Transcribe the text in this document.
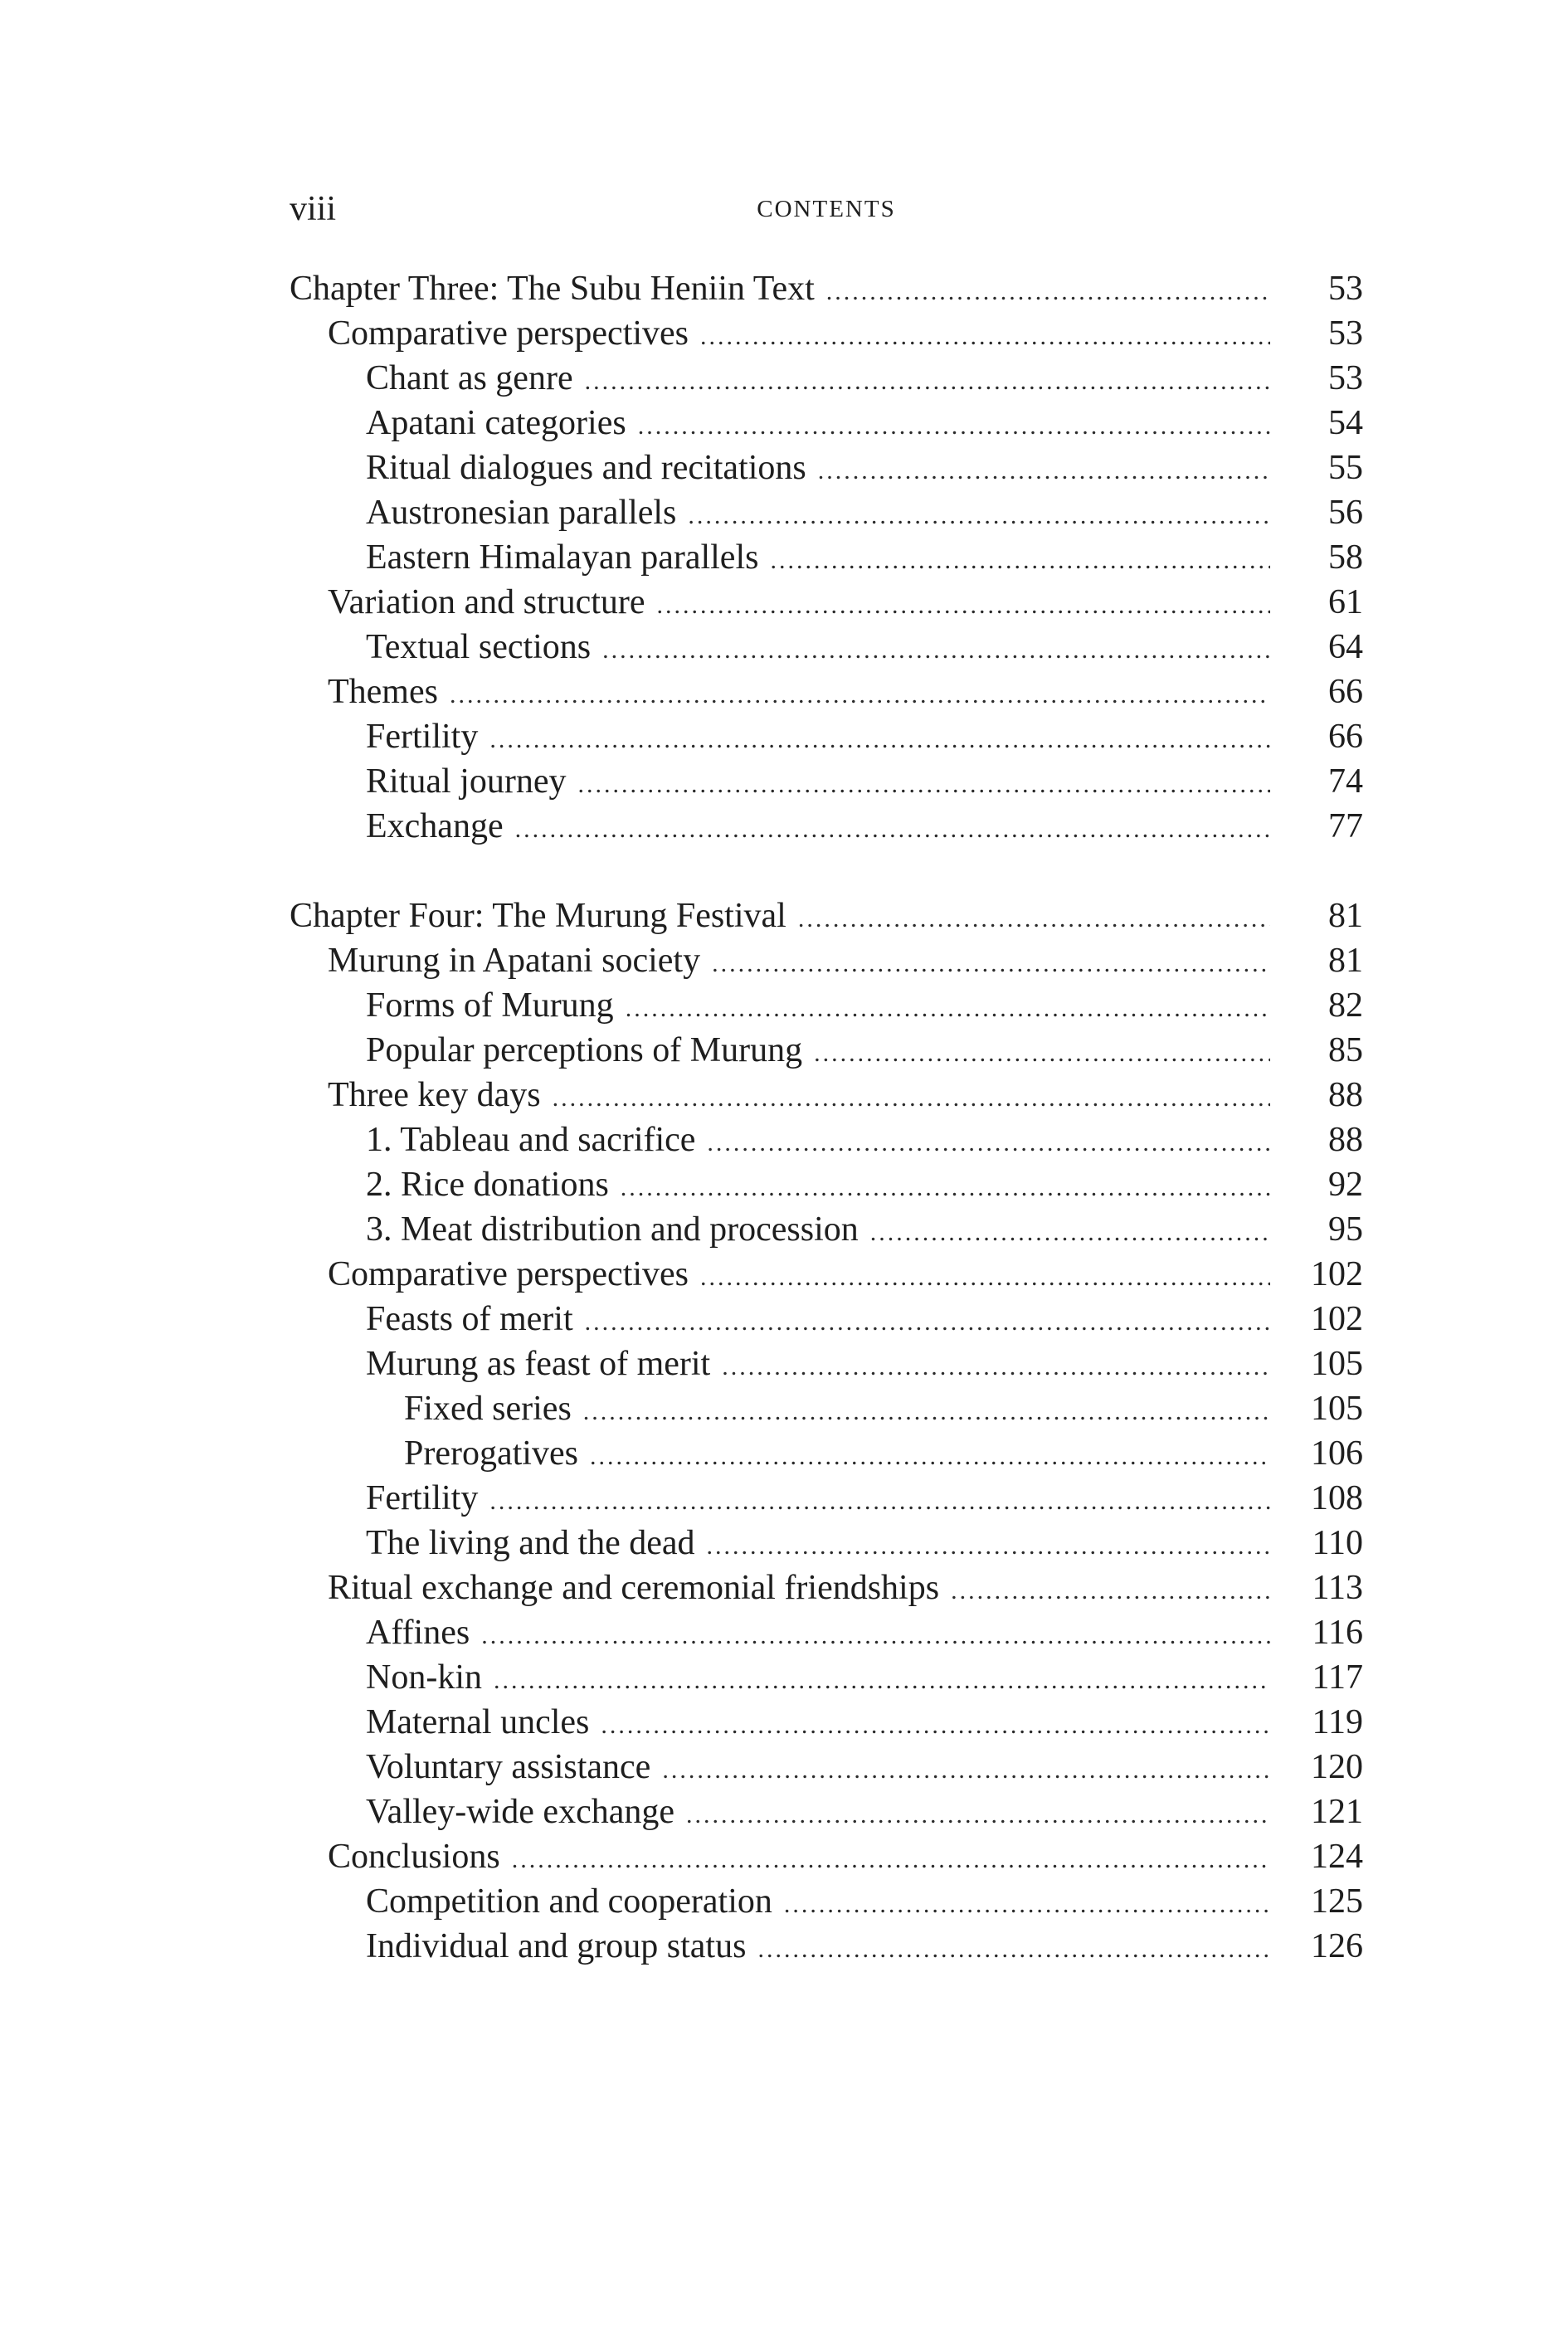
viii	CONTENTS
Chapter Three: The Subu Heniin Text .....	53
Comparative perspectives .....	53
Chant as genre .....	53
Apatani categories .....	54
Ritual dialogues and recitations .....	55
Austronesian parallels .....	56
Eastern Himalayan parallels .....	58
Variation and structure .....	61
Textual sections .....	64
Themes .....	66
Fertility .....	66
Ritual journey .....	74
Exchange .....	77
Chapter Four: The Murung Festival .....	81
Murung in Apatani society .....	81
Forms of Murung .....	82
Popular perceptions of Murung .....	85
Three key days .....	88
1. Tableau and sacrifice .....	88
2. Rice donations .....	92
3. Meat distribution and procession .....	95
Comparative perspectives .....	102
Feasts of merit .....	102
Murung as feast of merit .....	105
Fixed series .....	105
Prerogatives .....	106
Fertility .....	108
The living and the dead .....	110
Ritual exchange and ceremonial friendships .....	113
Affines .....	116
Non-kin .....	117
Maternal uncles .....	119
Voluntary assistance .....	120
Valley-wide exchange .....	121
Conclusions .....	124
Competition and cooperation .....	125
Individual and group status .....	126
